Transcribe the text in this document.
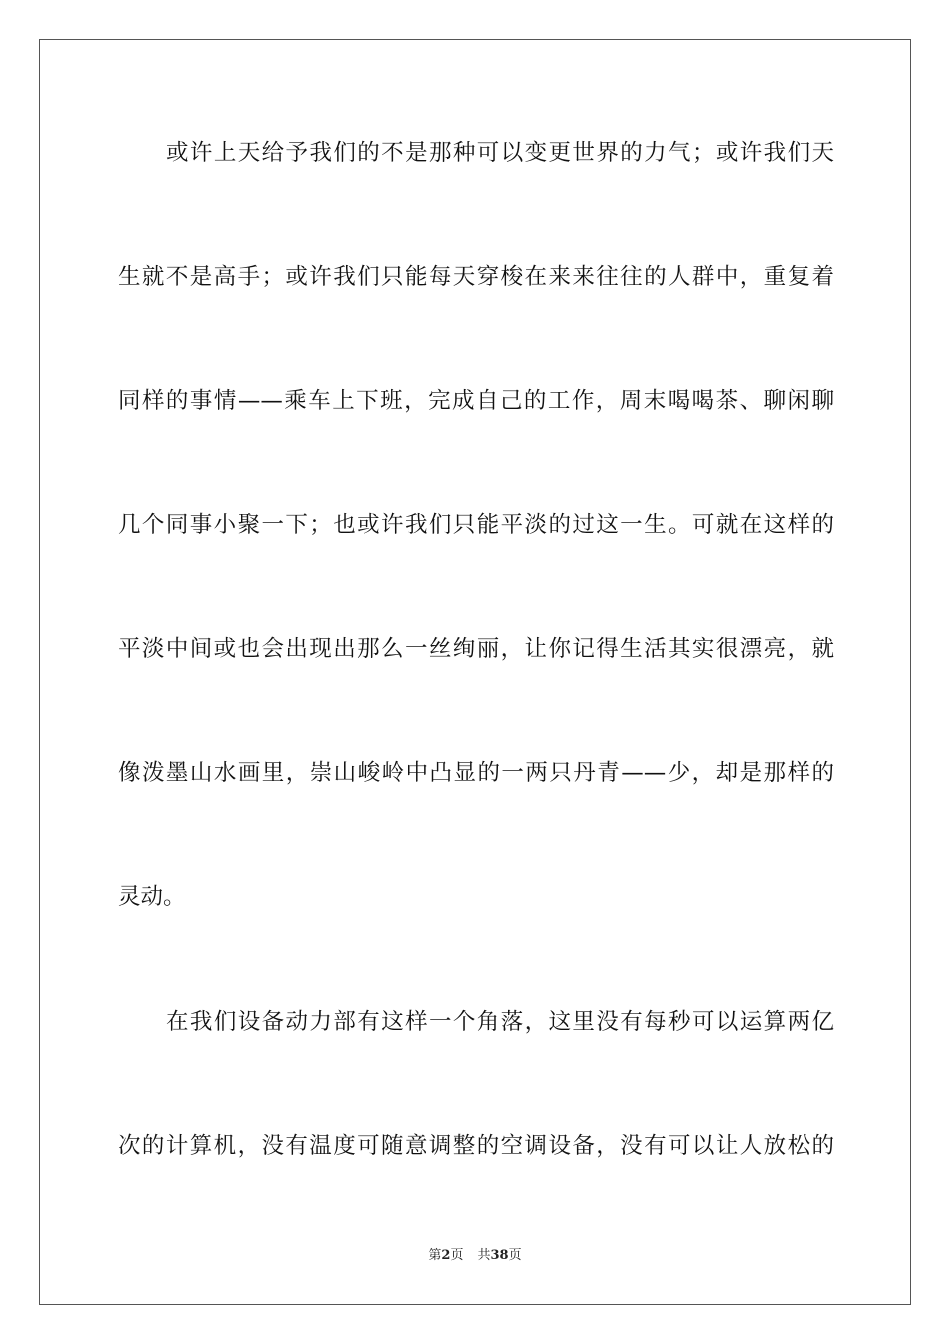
或许上天给予我们的不是那种可以变更世界的力气；或许我们天
生就不是高手；或许我们只能每天穿梭在来来往往的人群中，重复着
同样的事情——乘车上下班，完成自己的工作，周末喝喝茶、聊闲聊
几个同事小聚一下；也或许我们只能平淡的过这一生。可就在这样的
平淡中间或也会出现出那么一丝绚丽，让你记得生活其实很漂亮，就
像泼墨山水画里，崇山峻岭中凸显的一两只丹青——少，却是那样的
灵动。
在我们设备动力部有这样一个角落，这里没有每秒可以运算两亿
次的计算机，没有温度可随意调整的空调设备，没有可以让人放松的
第2页 共38页
